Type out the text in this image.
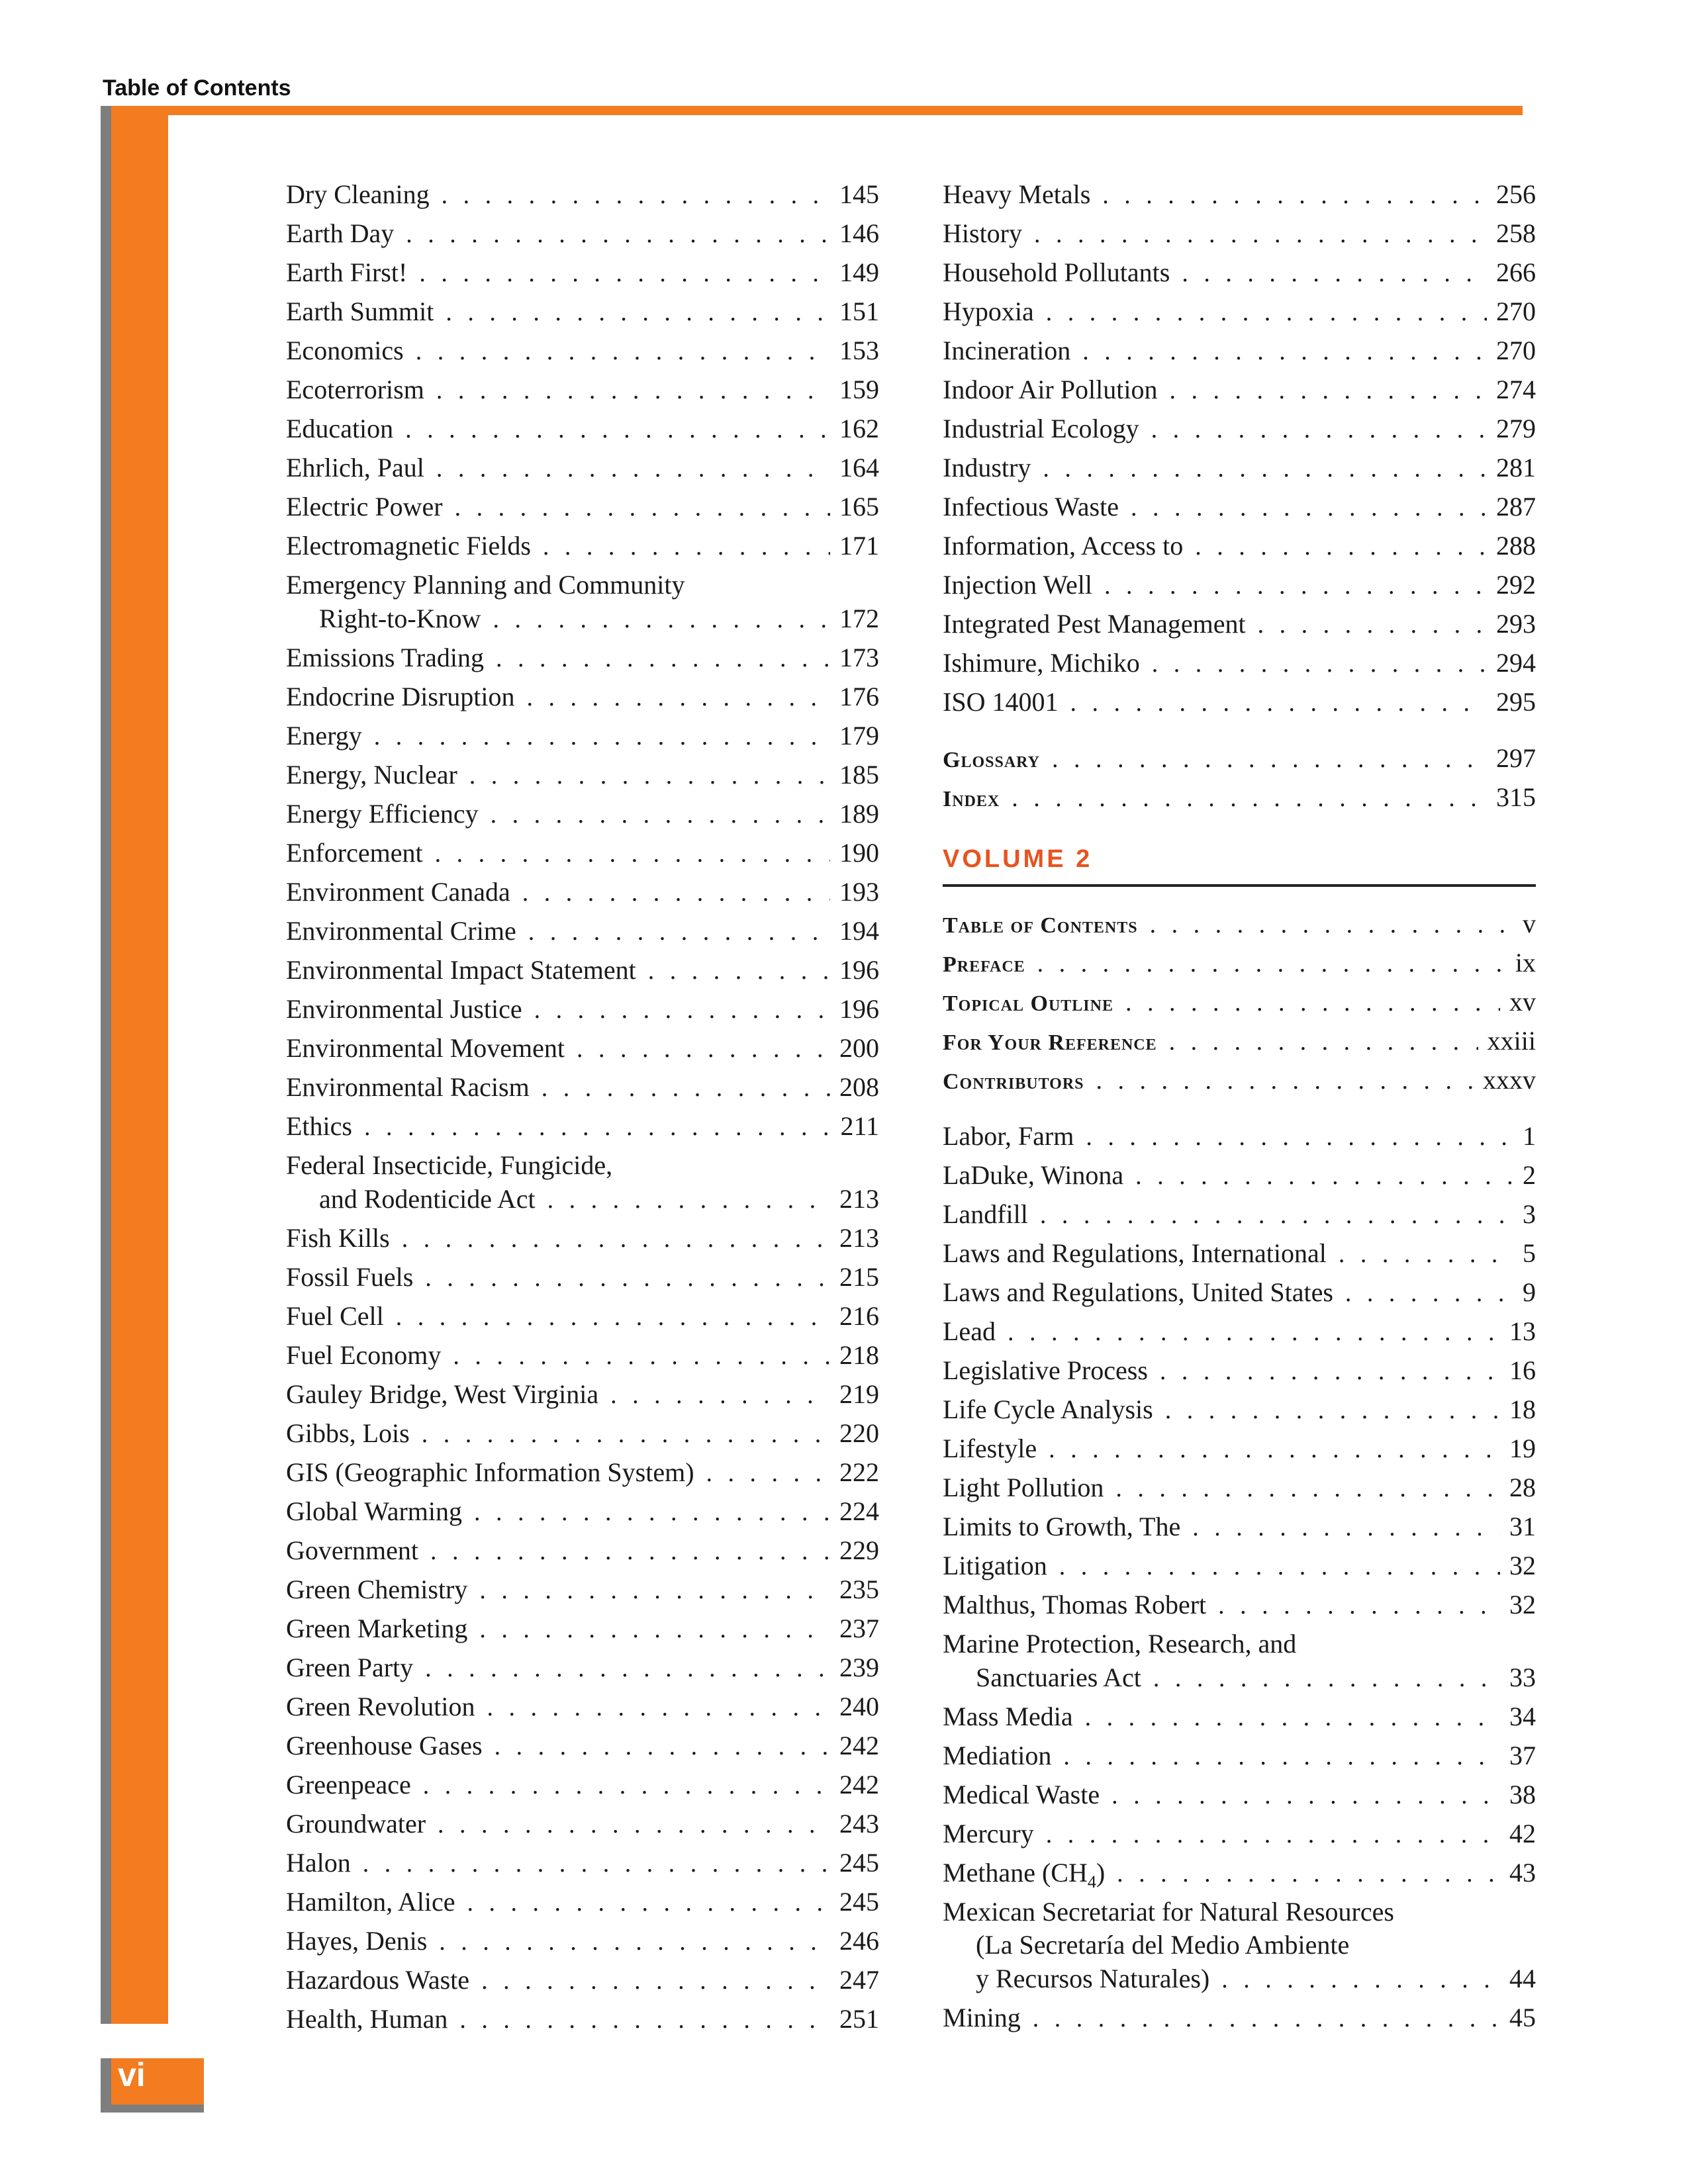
Table of Contents
vi
Dry Cleaning . . .	145
Earth Day . . .	146
Earth First! . . .	149
Earth Summit . . .	151
Economics . . .	153
Ecoterrorism . . .	159
Education . . .	162
Ehrlich, Paul . . .	164
Electric Power . . .	165
Electromagnetic Fields . . .	171
Emergency Planning and Community
Right-to-Know . . .	172
Emissions Trading . . .	173
Endocrine Disruption . . .	176
Energy . . .	179
Energy, Nuclear . . .	185
Energy Efficiency . . .	189
Enforcement . . .	190
Environment Canada . . .	193
Environmental Crime . . .	194
Environmental Impact Statement . . .	196
Environmental Justice . . .	196
Environmental Movement . . .	200
Environmental Racism . . .	208
Ethics . . .	211
Federal Insecticide, Fungicide,
and Rodenticide Act . . .	213
Fish Kills . . .	213
Fossil Fuels . . .	215
Fuel Cell . . .	216
Fuel Economy . . .	218
Gauley Bridge, West Virginia . . .	219
Gibbs, Lois . . .	220
GIS (Geographic Information System) . . .	222
Global Warming . . .	224
Government . . .	229
Green Chemistry . . .	235
Green Marketing . . .	237
Green Party . . .	239
Green Revolution . . .	240
Greenhouse Gases . . .	242
Greenpeace . . .	242
Groundwater . . .	243
Halon . . .	245
Hamilton, Alice . . .	245
Hayes, Denis . . .	246
Hazardous Waste . . .	247
Health, Human . . .	251
Heavy Metals . . .	256
History . . .	258
Household Pollutants . . .	266
Hypoxia . . .	270
Incineration . . .	270
Indoor Air Pollution . . .	274
Industrial Ecology . . .	279
Industry . . .	281
Infectious Waste . . .	287
Information, Access to . . .	288
Injection Well . . .	292
Integrated Pest Management . . .	293
Ishimure, Michiko . . .	294
ISO 14001 . . .	295
Glossary . . .	297
Index . . .	315
VOLUME 2
Table of Contents . . .	v
Preface . . .	ix
Topical Outline . . .	xv
For Your Reference . . .	xxiii
Contributors . . .	xxxv
Labor, Farm . . .	1
LaDuke, Winona . . .	2
Landfill . . .	3
Laws and Regulations, International . . .	5
Laws and Regulations, United States . . .	9
Lead . . .	13
Legislative Process . . .	16
Life Cycle Analysis . . .	18
Lifestyle . . .	19
Light Pollution . . .	28
Limits to Growth, The . . .	31
Litigation . . .	32
Malthus, Thomas Robert . . .	32
Marine Protection, Research, and
Sanctuaries Act . . .	33
Mass Media . . .	34
Mediation . . .	37
Medical Waste . . .	38
Mercury . . .	42
Methane $(CH_4)$ . . .	43
Mexican Secretariat for Natural Resources
(La Secretaría del Medio Ambiente
y Recursos Naturales) . . .	44
Mining . . .	45
